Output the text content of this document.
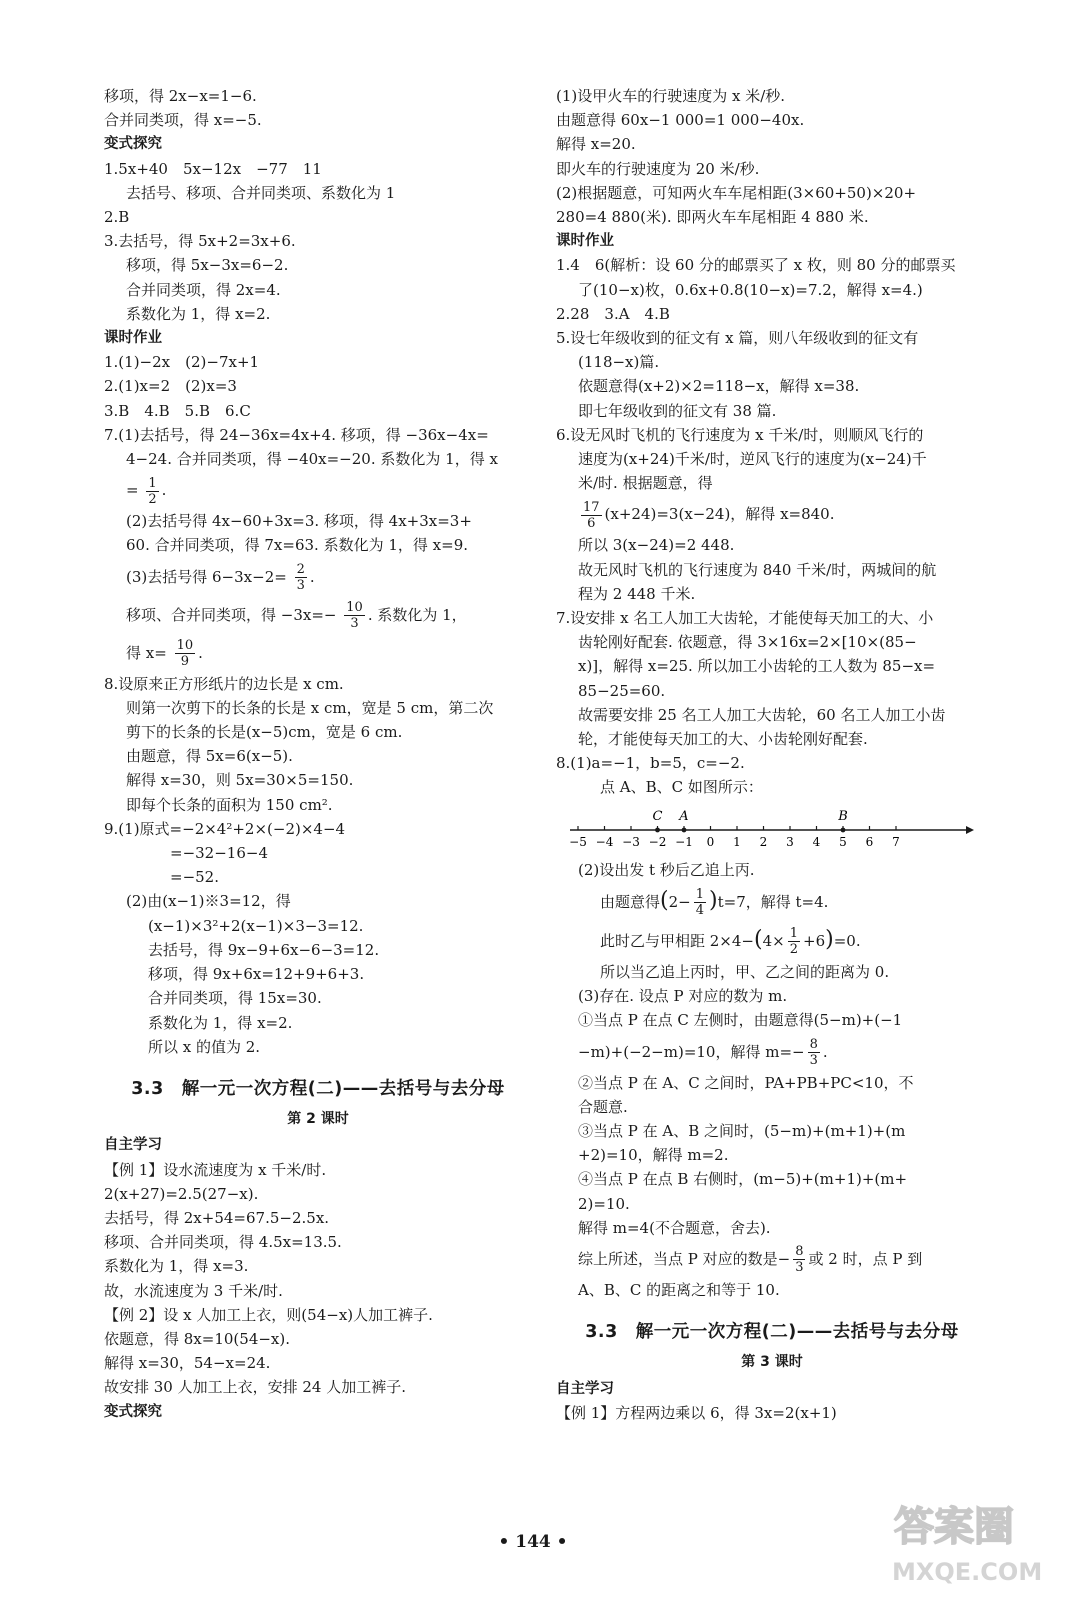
移项，得 2x−x=1−6.
合并同类项，得 x=−5.
变式探究
1.5x+40　5x−12x　−77　11
去括号、移项、合并同类项、系数化为 1
2.B
3.去括号，得 5x+2=3x+6.
移项，得 5x−3x=6−2.
合并同类项，得 2x=4.
系数化为 1，得 x=2.
课时作业
1.(1)−2x　(2)−7x+1
2.(1)x=2　(2)x=3
3.B　4.B　5.B　6.C
7.(1)去括号，得 24−36x=4x+4. 移项，得 −36x−4x=
4−24. 合并同类项，得 −40x=−20. 系数化为 1，得 x
= $\frac{1}{2}$ .
(2)去括号得 4x−60+3x=3. 移项，得 4x+3x=3+
60. 合并同类项，得 7x=63. 系数化为 1，得 x=9.
(3)去括号得 $6-3x-2= \frac{2}{3}$ .
移项、合并同类项，得 $-3x=- \frac{10}{3}$ . 系数化为 1，
得 $x= \frac{10}{9}$ .
8.设原来正方形纸片的边长是 x cm.
则第一次剪下的长条的长是 x cm，宽是 5 cm，第二次
剪下的长条的长是(x−5)cm，宽是 6 cm.
由题意，得 5x=6(x−5).
解得 x=30，则 5x=30×5=150.
即每个长条的面积为 150 cm².
9.(1)原式=−2×4²+2×(−2)×4−4
=−32−16−4
=−52.
(2)由(x−1)※3=12，得
(x−1)×3²+2(x−1)×3−3=12.
去括号，得 9x−9+6x−6−3=12.
移项，得 9x+6x=12+9+6+3.
合并同类项，得 15x=30.
系数化为 1，得 x=2.
所以 x 的值为 2.
3.3　解一元一次方程(二)——去括号与去分母
第 2 课时
自主学习
【例 1】设水流速度为 x 千米/时.
2(x+27)=2.5(27−x).
去括号，得 2x+54=67.5−2.5x.
移项、合并同类项，得 4.5x=13.5.
系数化为 1，得 x=3.
故，水流速度为 3 千米/时.
【例 2】设 x 人加工上衣，则(54−x)人加工裤子.
依题意，得 8x=10(54−x).
解得 x=30，54−x=24.
故安排 30 人加工上衣，安排 24 人加工裤子.
变式探究
(1)设甲火车的行驶速度为 x 米/秒.
由题意得 60x−1 000=1 000−40x.
解得 x=20.
即火车的行驶速度为 20 米/秒.
(2)根据题意，可知两火车车尾相距(3×60+50)×20+
280=4 880(米). 即两火车车尾相距 4 880 米.
课时作业
1.4　6(解析：设 60 分的邮票买了 x 枚，则 80 分的邮票买
了(10−x)枚，0.6x+0.8(10−x)=7.2，解得 x=4.)
2.28　3.A　4.B
5.设七年级收到的征文有 x 篇，则八年级收到的征文有
(118−x)篇.
依题意得(x+2)×2=118−x，解得 x=38.
即七年级收到的征文有 38 篇.
6.设无风时飞机的飞行速度为 x 千米/时，则顺风飞行的
速度为(x+24)千米/时，逆风飞行的速度为(x−24)千
米/时. 根据题意，得
$\frac{17}{6} (x+24)=3(x-24)$，解得 x=840.
所以 3(x−24)=2 448.
故无风时飞机的飞行速度为 840 千米/时，两城间的航
程为 2 448 千米.
7.设安排 x 名工人加工大齿轮，才能使每天加工的大、小
齿轮刚好配套. 依题意，得 3×16x=2×[10×(85−
x)]，解得 x=25. 所以加工小齿轮的工人数为 85−x=
85−25=60.
故需要安排 25 名工人加工大齿轮，60 名工人加工小齿
轮，才能使每天加工的大、小齿轮刚好配套.
8.(1)a=−1，b=5，c=−2.
点 A、B、C 如图所示：
−5 −4 −3 −2 −1 0 1 2 3 4 5 6 7
C A	B
(2)设出发 t 秒后乙追上丙.
由题意得$(2- \frac{1}{4} )t=7$，解得 t=4.
此时乙与甲相距 $2\times 4-(4\times \frac{1}{2} +6)=0$.
所以当乙追上丙时，甲、乙之间的距离为 0.
(3)存在. 设点 P 对应的数为 m.
①当点 P 在点 C 左侧时，由题意得(5−m)+(−1
−m)+(−2−m)=10，解得 $m=- \frac{8}{3}$ .
②当点 P 在 A、C 之间时，PA+PB+PC<10，不
合题意.
③当点 P 在 A、B 之间时，(5−m)+(m+1)+(m
+2)=10，解得 m=2.
④当点 P 在点 B 右侧时，(m−5)+(m+1)+(m+
2)=10.
解得 m=4(不合题意，舍去).
综上所述，当点 P 对应的数是− $\frac{8}{3}$ 或 2 时，点 P 到
A、B、C 的距离之和等于 10.
3.3　解一元一次方程(二)——去括号与去分母
第 3 课时
自主学习
【例 1】方程两边乘以 6，得 3x=2(x+1)
• 144 •	答案圈
MXQE.COM
